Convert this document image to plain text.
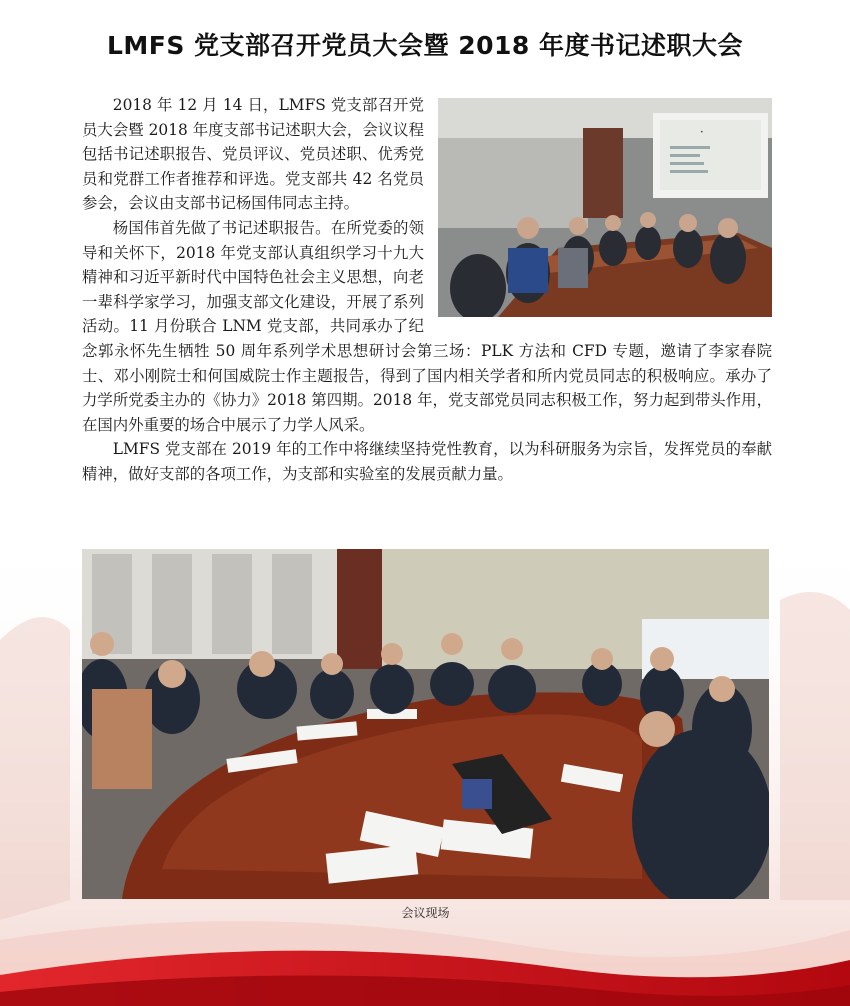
LMFS 党支部召开党员大会暨 2018 年度书记述职大会
•

2018 年 12 月 14 日，LMFS 党支部召开党员大会暨 2018 年度支部书记述职大会，会议议程包括书记述职报告、党员评议、党员述职、优秀党员和党群工作者推荐和评选。党支部共 42 名党员参会，会议由支部书记杨国伟同志主持。

杨国伟首先做了书记述职报告。在所党委的领导和关怀下，2018 年党支部认真组织学习十九大精神和习近平新时代中国特色社会主义思想，向老一辈科学家学习，加强支部文化建设，开展了系列活动。11 月份联合 LNM 党支部，共同承办了纪念郭永怀先生牺牲 50 周年系列学术思想研讨会第三场：PLK 方法和 CFD 专题，邀请了李家春院士、邓小刚院士和何国威院士作主题报告，得到了国内相关学者和所内党员同志的积极响应。承办了力学所党委主办的《协力》2018 第四期。2018 年，党支部党员同志积极工作，努力起到带头作用，在国内外重要的场合中展示了力学人风采。

LMFS 党支部在 2019 年的工作中将继续坚持党性教育，以为科研服务为宗旨，发挥党员的奉献精神，做好支部的各项工作，为支部和实验室的发展贡献力量。

会议现场
